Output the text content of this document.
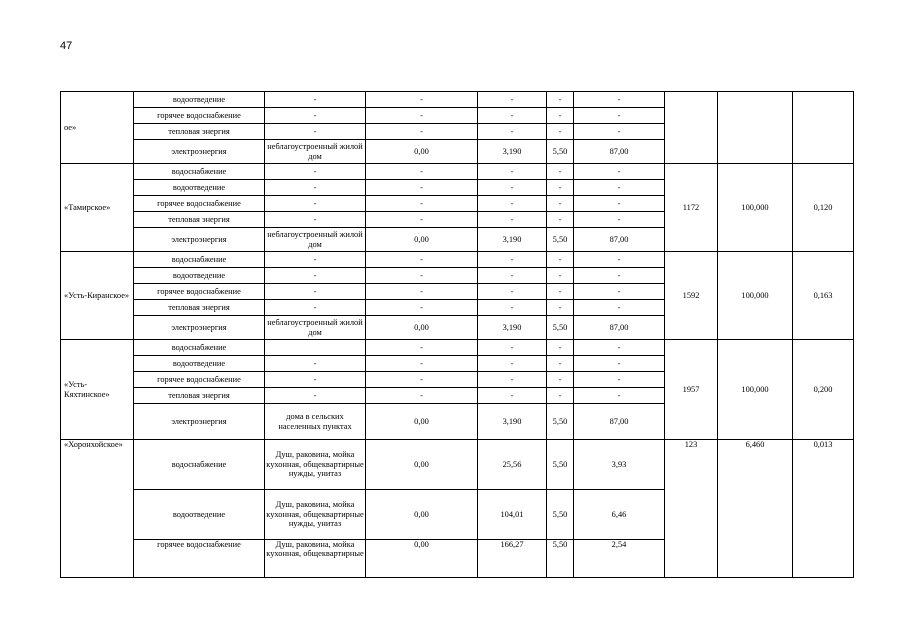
47
ое»	водоотведение	-	-	-	-	-			
	горячее водоснабжение	-	-	-	-	-			
	тепловая энергия	-	-	-	-	-			
	электроэнергия	неблагоустроенный жилой дом	0,00	3,190	5,50	87,00			
«Тамирское»	водоснабжение	-	-	-	-	-	1172	100,000	0,120
	водоотведение	-	-	-	-	-			
	горячее водоснабжение	-	-	-	-	-			
	тепловая энергия	-	-	-	-	-			
	электроэнергия	неблагоустроенный жилой дом	0,00	3,190	5,50	87,00			
«Усть-Киранское»	водоснабжение	-	-	-	-	-	1592	100,000	0,163
	водоотведение	-	-	-	-	-			
	горячее водоснабжение	-	-	-	-	-			
	тепловая энергия	-	-	-	-	-			
	электроэнергия	неблагоустроенный жилой дом	0,00	3,190	5,50	87,00			
«Усть-Кяхтинское»	водоснабжение		-	-	-	-	1957	100,000	0,200
	водоотведение	-	-	-	-	-			
	горячее водоснабжение	-	-	-	-	-			
	тепловая энергия	-	-	-	-	-			
	электроэнергия	дома в сельских населенных пунктах	0,00	3,190	5,50	87,00			
«Хоронхойское»	водоснабжение	Душ, раковина, мойка кухонная, общеквартирные нужды, унитаз	0,00	25,56	5,50	3,93	123	6,460	0,013
	водоотведение	Душ, раковина, мойка кухонная, общеквартирные нужды, унитаз	0,00	104,01	5,50	6,46			
	горячее водоснабжение	Душ, раковина, мойка кухонная, общеквартирные	0,00	166,27	5,50	2,54			
